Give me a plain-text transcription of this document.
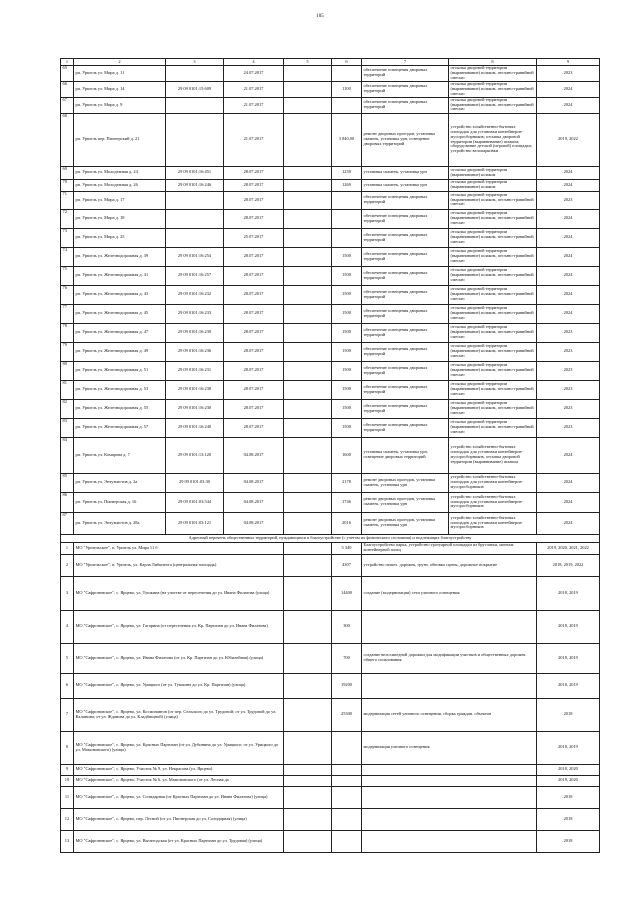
105
1	2	3	4	5	6	7	8	9
65	рп. Уршель ул. Мира д. 11		24.07.2017			обеспечение освещения дворовых территорий	отсыпка дворовой территории (выравнивание) шлаком, песчано-гравийной смесью	2023
66	рп. Уршель ул. Мира д. 14	29 09 0101:15:609	21.07.2017		1100	обеспечение освещения дворовых территорий	отсыпка дворовой территории (выравнивание) шлаком, песчано-гравийной смесью	2024
67	рп. Уршель ул. Мира д. 9		21.07.2017			обеспечение освещения дворовых территорий	отсыпка дворовой территории (выравнивание) шлаком, песчано-гравийной смесью	2024
68	рп. Уршель пер. Пионерский д. 21		21.07.2017		3 840,00	ремонт дворовых проездов, установка скамеек, установка урн, освещение дворовых территорий	устройство хозяйственно-бытовых площадок для установки контейнеров-мусоросборников; отсыпка дворовой территории (выравнивание) шлаком; оборудование детской (игровой) площадки; устройство велопарковки	2019, 2022
69	рп. Уршель ул. Молодежная д. 24	29 09 0101:16:451	28.07.2017		1250	установка скамеек, установка урн	отсыпка дворовой территории (выравнивание) шлаком	2024
70	рп. Уршель ул. Молодежная д. 26	29 09 0101:16:246	28.07.2017		1269	установка скамеек, установка урн	отсыпка дворовой территории (выравнивание) шлаком	2024
71	рп. Уршель ул. Мира д. 17		28.07.2017			обеспечение освещения дворовых территорий	отсыпка дворовой территории (выравнивание) шлаком, песчано-гравийной смесью	2023
72	рп. Уршель ул. Мира д. 18		28.07.2017			обеспечение освещения дворовых территорий	отсыпка дворовой территории (выравнивание) шлаком, песчано-гравийной смесью	2024
73	рп. Уршель ул. Мира д. 25		25.07.2017			обеспечение освещения дворовых территорий	отсыпка дворовой территории (выравнивание) шлаком, песчано-гравийной смесью	2024
74	рп. Уршель ул. Железнодорожная д. 39	29 09 0101:16:254	28.07.2017		1500	обеспечение освещения дворовых территорий	отсыпка дворовой территории (выравнивание) шлаком, песчано-гравийной смесью	2024
75	рп. Уршель ул. Железнодорожная д. 41	29 09 0101:16:257	28.07.2017		1500	обеспечение освещения дворовых территорий	отсыпка дворовой территории (выравнивание) шлаком, песчано-гравийной смесью	2024
76	рп. Уршель ул. Железнодорожная д. 43	29 09 0101:16:232	28.07.2017		1500	обеспечение освещения дворовых территорий	отсыпка дворовой территории (выравнивание) шлаком, песчано-гравийной смесью	2024
77	рп. Уршель ул. Железнодорожная д. 45	29 09 0101:16:233	28.07.2017		1500	обеспечение освещения дворовых территорий	отсыпка дворовой территории (выравнивание) шлаком, песчано-гравийной смесью	2024
78	рп. Уршель ул. Железнодорожная д. 47	29 09 0101:16:239	28.07.2017		1500	обеспечение освещения дворовых территорий	отсыпка дворовой территории (выравнивание) шлаком, песчано-гравийной смесью	2023
79	рп. Уршель ул. Железнодорожная д. 49	29 09 0101:16:236	28.07.2017		1500	обеспечение освещения дворовых территорий	отсыпка дворовой территории (выравнивание) шлаком, песчано-гравийной смесью	2023
80	рп. Уршель ул. Железнодорожная д. 51	29 09 0101:16:231	28.07.2017		1500	обеспечение освещения дворовых территорий	отсыпка дворовой территории (выравнивание) шлаком, песчано-гравийной смесью	2023
81	рп. Уршель ул. Железнодорожная д. 53	29 09 0101:16:238	28.07.2017		1500	обеспечение освещения дворовых территорий	отсыпка дворовой территории (выравнивание) шлаком, песчано-гравийной смесью	2023
82	рп. Уршель ул. Железнодорожная д. 55	29 09 0101:16:230	28.07.2017		1500	обеспечение освещения дворовых территорий	отсыпка дворовой территории (выравнивание) шлаком, песчано-гравийной смесью	2023
83	рп. Уршель ул. Железнодорожная д. 57	29 09 0101:16:240	28.07.2017		1500	обеспечение освещения дворовых территорий	отсыпка дворовой территории (выравнивание) шлаком, песчано-гравийной смесью	2023
84	рп. Уршель ул. Комарова д. 7	29 09 0101:13:120	04.08.2017		1600	установка скамеек, установка урн, освещение дворовых территорий	устройство хозяйственно-бытовых площадок для установки контейнеров-мусоросборников, отсыпка дворовой территории (выравнивание) шлаком	2024
85	рп. Уршель ул. Энтузиастов д. 2а	29 09 0101:03:30	04.08.2017		2178	ремонт дворовых проездов, установка скамеек, установка урн	устройство хозяйственно-бытовых площадок для установки контейнеров-мусоросборников	2024
86	рп. Уршель ул. Пионерская д. 16	29 09 0101:03:544	04.08.2017		1746	ремонт дворовых проездов, установка скамеек, установка урн	устройство хозяйственно-бытовых площадок для установки контейнеров-мусоросборников	2024
87	рп. Уршель ул. Энтузиастов д. 28а	29 09 0101:03:121	04.08.2017		2016	ремонт дворовых проездов, установка скамеек, установка урн	устройство хозяйственно-бытовых площадок для установки контейнеров-мусоросборников	2024
Адресный перечень общественных территорий, нуждающихся в благоустройстве (с учетом их физического состояния) и подлежащих благоустройству								
1	МО "Уршельское", п. Уршель ул. Мира 11 б				5 340	Благоустройство парка, устройство тротуарной площадки из брусчатки, монтаж контейнерной площ		2019, 2020, 2021, 2022
2	МО "Уршельское", п. Уршель, ул. Карла Либкнехта (центральная площадь)				4307	устройство пешех. дорожек, грунт, обновка сцены, дорожное покрытие		2018, 2019, 2022
3	МО "Сафроновское", с. Ярцево, ул. Тушкина (на участке от пересечения до ул. Ивана Филатова (улица)				14400	создание (модернизация) сети уличного освещения		2018, 2019
4	МО "Сафроновское", с. Ярцево, ул. Гагарина (от пересечения ул. Кр. Партизан до ул. Ивана Филатова)				300			2018, 2019
5	МО "Сафроновское", с. Ярцево, ул. Ивана Филатова (от ул. Кр. Партизан до ул. Юбилейная) (улица)				700	создание велосипедной дорожки для модификации участков и общественных дорожек общего пользования		2018, 2019
6	МО "Сафроновское", с. Ярцево, ул. Урицкого (от ул. Тушкина до ул. Кр. Партизан) (улица)				19200			2018, 2019
7	МО "Сафроновское", с. Ярцево, ул. Космонавтов (от пер. Сельского до ул. Трудовой; от ул. Трудовой до ул. Калинина; от ул. Жданова до ул. Кладбищной) (улица)				25300	модернизация сетей уличного освещения, сборка граждан. объектов		2018
8	МО "Сафроновское", с. Ярцево, ул. Красных Партизан (от ул. Дубинина до ул. Урицкого; от ул. Урицкого до ул. Мамоновского) (улица)					модернизация уличного освещения		2018, 2019
9	МО "Сафроновское", с. Ярцево, Участок № 9, ул. Некрасова (ул. Ярцево)							2018, 2020
10	МО "Сафроновское", с. Ярцево, Участок № 6, ул. Мамоновского (от ул. Лесная до							2018, 2020
11	МО "Сафроновское", с. Ярцево, ул. Солидарная (от Красных Партизан до ул. Ивана Филатова) (улица)							2018
12	МО "Сафроновское", с. Ярцево, пер. Лесной (от ул. Пионерская до ул. Солидарная) (улица)							2018
13	МО "Сафроновское", с. Ярцево, ул. Вычегодская (от ул. Красных Партизан до ул. Трудовая) (улица)							2018
